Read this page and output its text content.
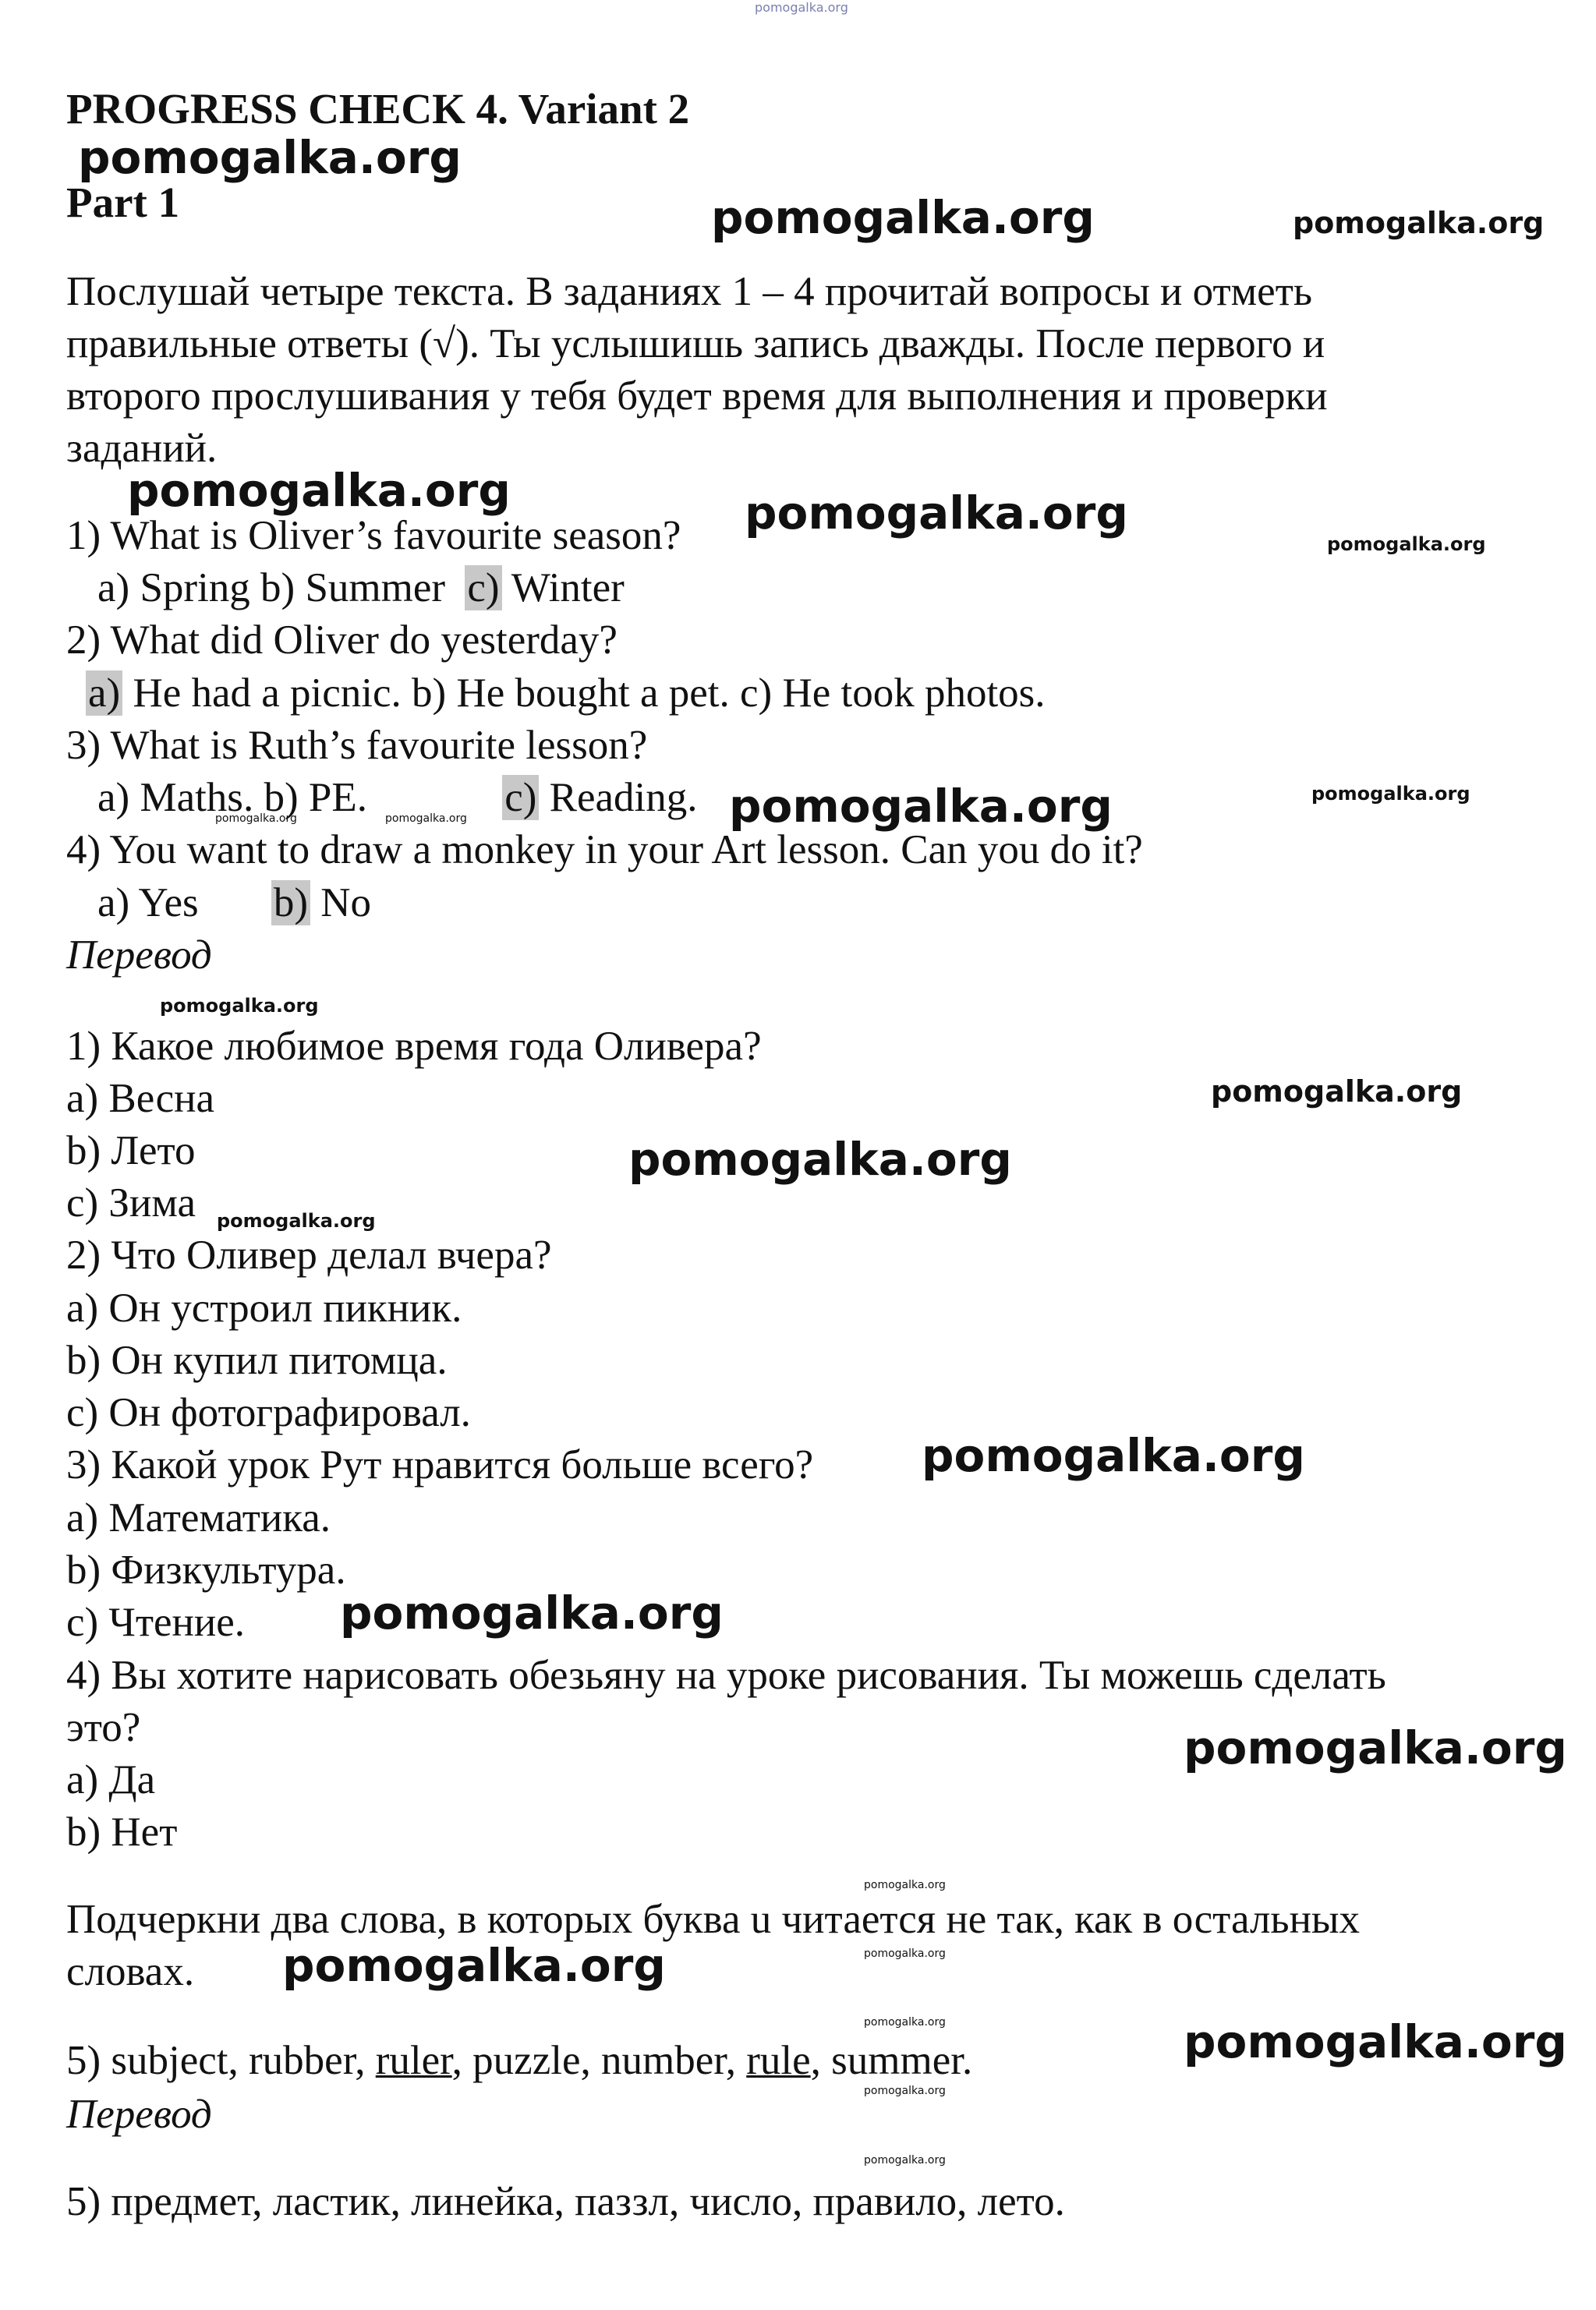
pomogalka.org
pomogalka.org
pomogalka.org	pomogalka.org
pomogalka.org	pomogalka.org
pomogalka.org
pomogalka.org	pomogalka.org
pomogalka.org	pomogalka.org
pomogalka.org
pomogalka.org
pomogalka.org
pomogalka.org
pomogalka.org
pomogalka.org
pomogalka.org
pomogalka.org
pomogalka.org
pomogalka.org
pomogalka.org	pomogalka.org
pomogalka.org
pomogalka.org
PROGRESS CHECK 4. Variant 2
Part 1

Послушай четыре текста. В заданиях 1 – 4 прочитай вопросы и отметь

правильные ответы (√). Ты услышишь запись дважды. После первого и

второго прослушивания у тебя будет время для выполнения и проверки

заданий.

1) What is Oliver’s favourite season?

a) Spring b) Summer c) Winter

2) What did Oliver do yesterday?

a) He had a picnic. b) He bought a pet. c) He took photos.

3) What is Ruth’s favourite lesson?

a) Maths. b) PE.	c) Reading.

4) You want to draw a monkey in your Art lesson. Can you do it?

a) Yes b) No

Перевод

1) Какое любимое время года Оливера?

a) Весна

b) Лето

c) Зима

2) Что Оливер делал вчера?

a) Он устроил пикник.

b) Он купил питомца.

c) Он фотографировал.

3) Какой урок Рут нравится больше всего?

a) Математика.

b) Физкультура.

c) Чтение.

4) Вы хотите нарисовать обезьяну на уроке рисования. Ты можешь сделать

это?

a) Да

b) Нет

Подчеркни два слова, в которых буква u читается не так, как в остальных

словах.

5) subject, rubber, ruler, puzzle, number, rule, summer.

Перевод

5) предмет, ластик, линейка, паззл, число, правило, лето.
